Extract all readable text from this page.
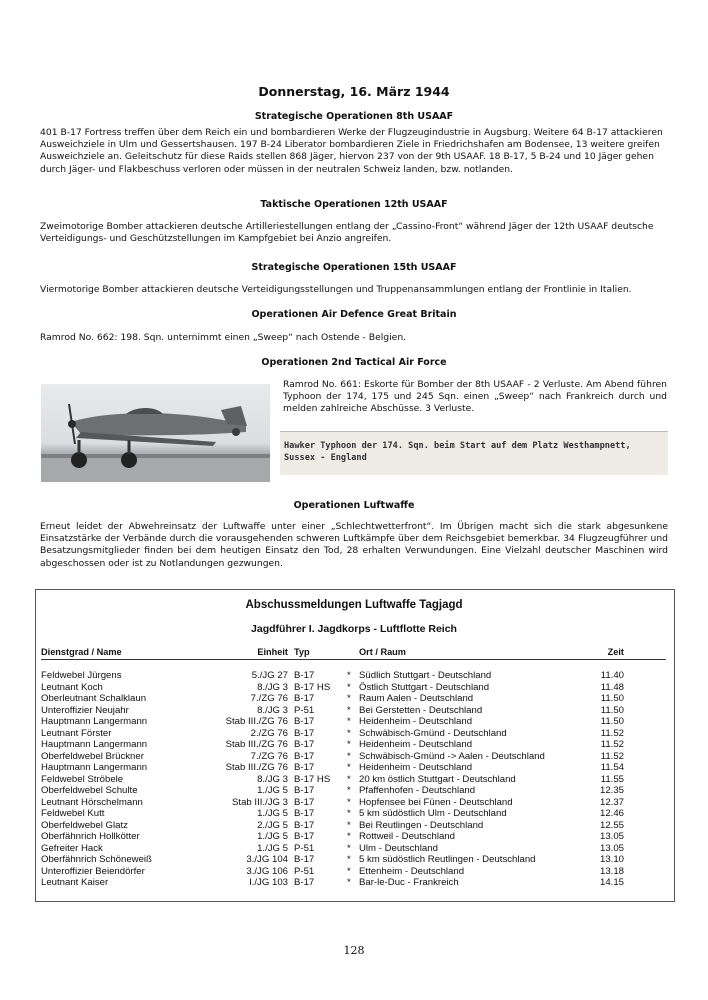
Donnerstag, 16. März 1944
Strategische Operationen 8th USAAF
401 B-17 Fortress treffen über dem Reich ein und bombardieren Werke der Flugzeugindustrie in Augsburg. Weitere 64 B-17 attackieren Ausweichziele in Ulm und Gessertshausen. 197 B-24 Liberator bombardieren Ziele in Friedrichshafen am Bodensee, 13 weitere greifen Ausweichziele an. Geleitschutz für diese Raids stellen 868 Jäger, hiervon 237 von der 9th USAAF. 18 B-17, 5 B-24 und 10 Jäger gehen durch Jäger- und Flakbeschuss verloren oder müssen in der neutralen Schweiz landen, bzw. notlanden.
Taktische Operationen 12th USAAF
Zweimotorige Bomber attackieren deutsche Artilleriestellungen entlang der „Cassino-Front“ während Jäger der 12th USAAF deutsche Verteidigungs- und Geschützstellungen im Kampfgebiet bei Anzio angreifen.
Strategische Operationen 15th USAAF
Viermotorige Bomber attackieren deutsche Verteidigungsstellungen und Truppenansammlungen entlang der Frontlinie in Italien.
Operationen Air Defence Great Britain
Ramrod No. 662: 198. Sqn. unternimmt einen „Sweep“ nach Ostende - Belgien.
Operationen 2nd Tactical Air Force
Ramrod No. 661: Eskorte für Bomber der 8th USAAF - 2 Verluste. Am Abend führen Typhoon der 174, 175 und 245 Sqn. einen „Sweep“ nach Frankreich durch und melden zahlreiche Abschüsse. 3 Verluste.
Hawker Typhoon der 174. Sqn. beim Start auf dem Platz Westhampnett, Sussex - England
Operationen Luftwaffe
Erneut leidet der Abwehreinsatz der Luftwaffe unter einer „Schlechtwetterfront“. Im Übrigen macht sich die stark abgesunkene Einsatzstärke der Verbände durch die vorausgehenden schweren Luftkämpfe über dem Reichsgebiet bemerkbar. 34 Flugzeugführer und Besatzungsmitglieder finden bei dem heutigen Einsatz den Tod, 28 erhalten Verwundungen. Eine Vielzahl deutscher Maschinen wird abgeschossen oder ist zu Notlandungen gezwungen.
Abschussmeldungen Luftwaffe Tagjagd
Jagdführer I. Jagdkorps - Luftflotte Reich
Dienstgrad / Name	Einheit Typ	Ort / Raum	Zeit
Feldwebel Jürgens	5./JG 27 B-17	* Südlich Stuttgart - Deutschland	11.40
Leutnant Koch	8./JG 3 B-17 HS * Östlich Stuttgart - Deutschland	11.48
Oberleutnant Schalklaun	7./ZG 76 B-17	* Raum Aalen - Deutschland	11.50
Unteroffizier Neujahr	8./JG 3 P-51	* Bei Gerstetten - Deutschland	11.50
Hauptmann Langermann	Stab III./ZG 76 B-17	* Heidenheim - Deutschland	11.50
Leutnant Förster	2./ZG 76 B-17	* Schwäbisch-Gmünd - Deutschland	11.52
Hauptmann Langermann	Stab III./ZG 76 B-17	* Heidenheim - Deutschland	11.52
Oberfeldwebel Brückner	7./ZG 76 B-17	* Schwäbisch-Gmünd -> Aalen - Deutschland	11.52
Hauptmann Langermann	Stab III./ZG 76 B-17	* Heidenheim - Deutschland	11.54
Feldwebel Ströbele	8./JG 3 B-17 HS * 20 km östlich Stuttgart - Deutschland	11.55
Oberfeldwebel Schulte	1./JG 5 B-17	* Pfaffenhofen - Deutschland	12.35
Leutnant Hörschelmann	Stab III./JG 3 B-17	* Hopfensee bei Fünen - Deutschland	12.37
Feldwebel Kutt	1./JG 5 B-17	* 5 km südöstlich Ulm - Deutschland	12.46
Oberfeldwebel Glatz	2./JG 5 B-17	* Bei Reutlingen - Deutschland	12.55
Oberfähnrich Hollkötter	1./JG 5 B-17	* Rottweil - Deutschland	13.05
Gefreiter Hack	1./JG 5 P-51	* Ulm - Deutschland	13.05
Oberfähnrich Schöneweiß	3./JG 104 B-17	* 5 km südöstlich Reutlingen - Deutschland	13.10
Unteroffizier Beiendörfer	3./JG 106 P-51	* Ettenheim - Deutschland	13.18
Leutnant Kaiser	I./JG 103 B-17	* Bar-le-Duc - Frankreich	14.15
128
